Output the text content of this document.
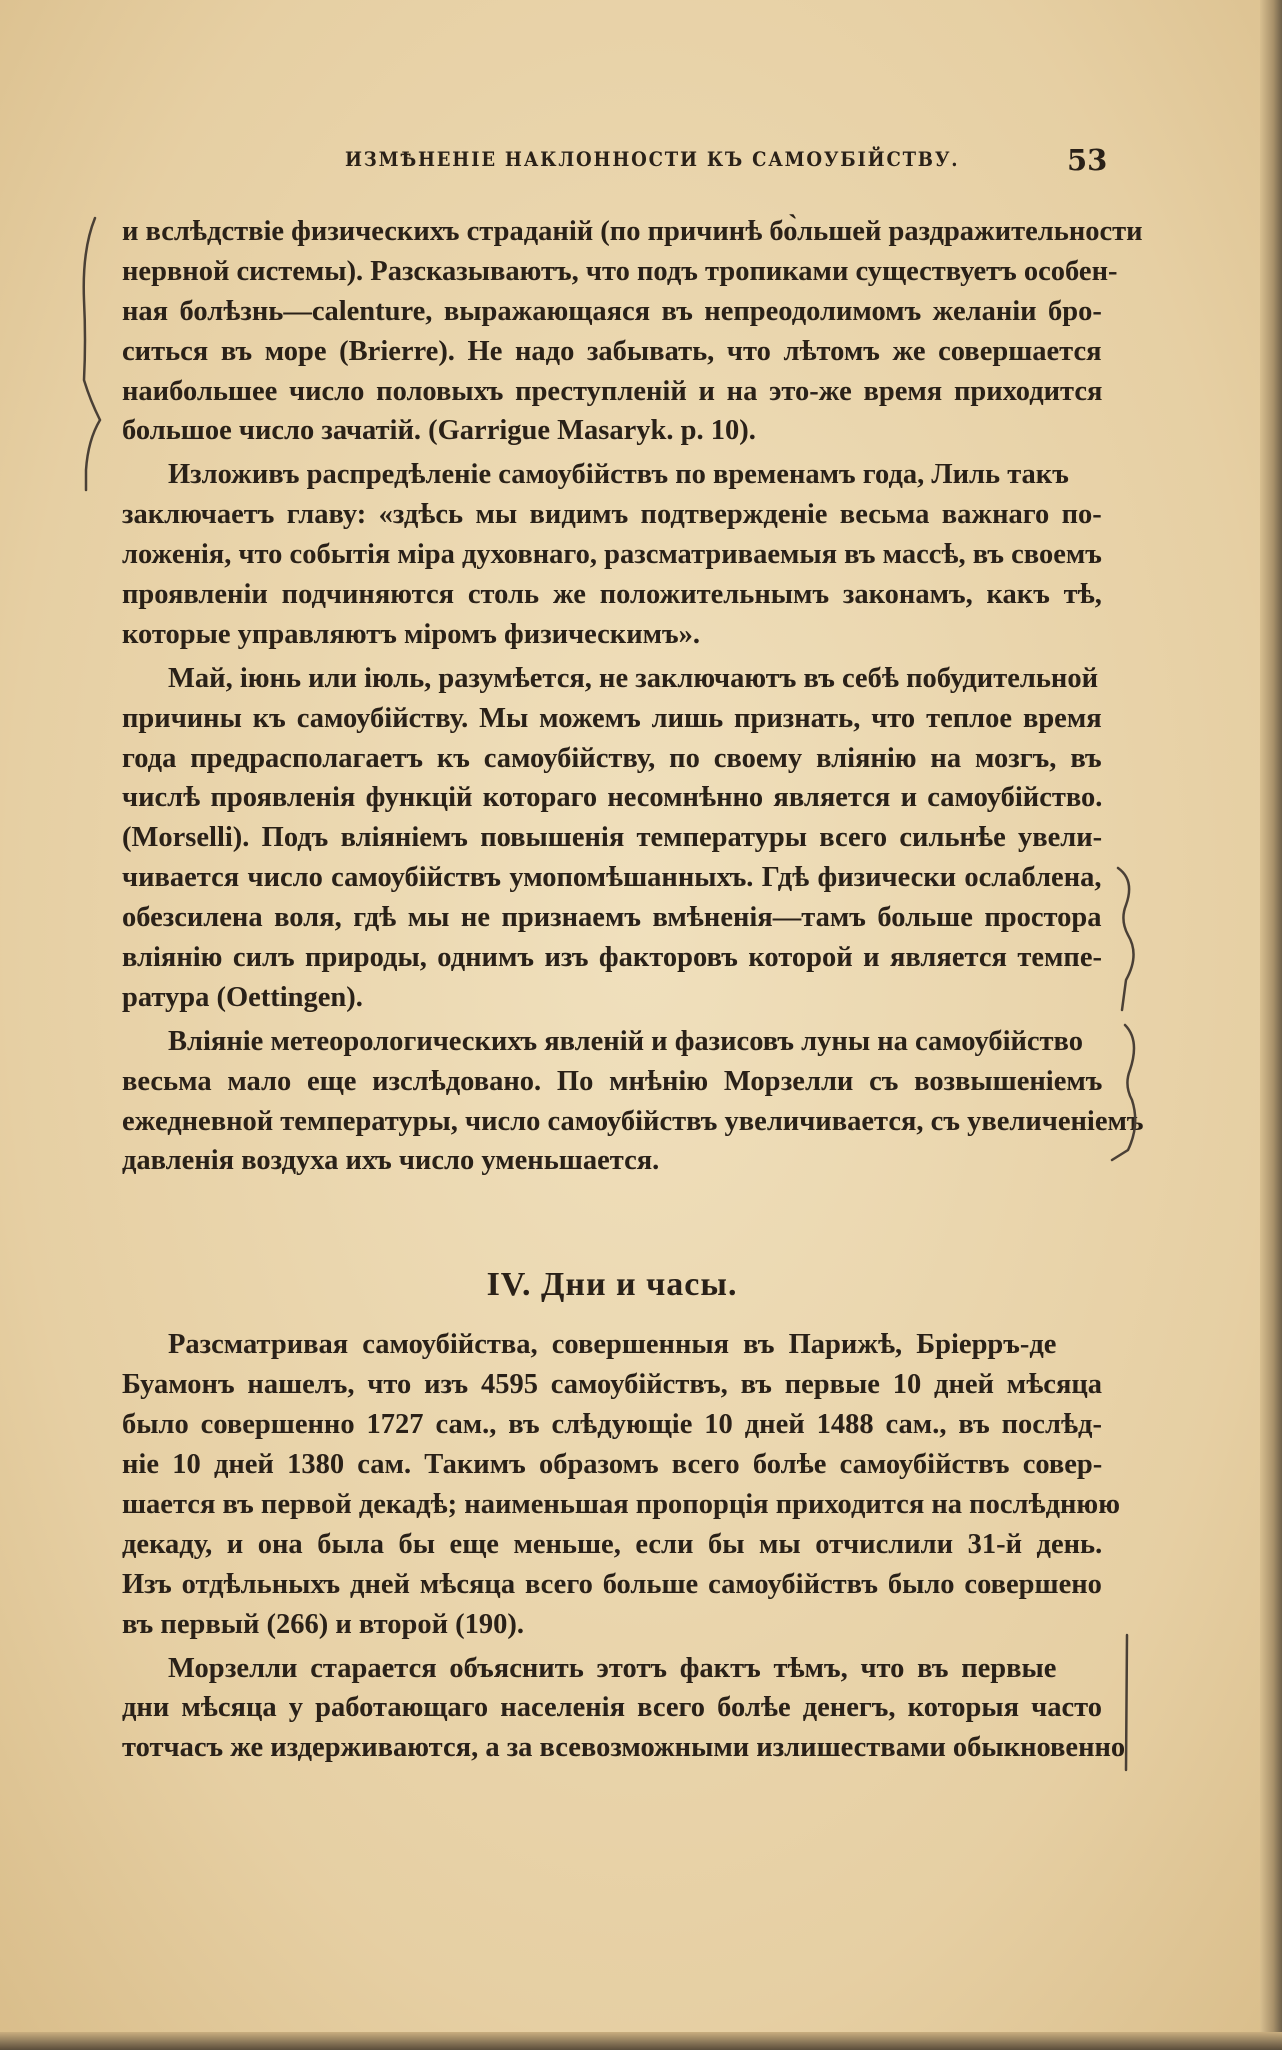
ИЗМѢНЕНІЕ НАКЛОННОСТИ КЪ САМОУБІЙСТВУ.	53
и вслѣдствіе физическихъ страданій (по причинѣ бо̀льшей раздражительности
нервной системы). Разсказываютъ, что подъ тропиками существуетъ особен-
ная болѣзнь—calenture, выражающаяся въ непреодолимомъ желаніи бро-
ситься въ море (Brierre). Не надо забывать, что лѣтомъ же совершается
наибольшее число половыхъ преступленій и на это-же время приходится
большое число зачатій. (Garrigue Masaryk. p. 10).
Изложивъ распредѣленіе самоубійствъ по временамъ года, Лиль такъ
заключаетъ главу: «здѣсь мы видимъ подтвержденіе весьма важнаго по-
ложенія, что событія міра духовнаго, разсматриваемыя въ массѣ, въ своемъ
проявленіи подчиняются столь же положительнымъ законамъ, какъ тѣ,
которые управляютъ міромъ физическимъ».
Май, іюнь или іюль, разумѣется, не заключаютъ въ себѣ побудительной
причины къ самоубійству. Мы можемъ лишь признать, что теплое время
года предрасполагаетъ къ самоубійству, по своему вліянію на мозгъ, въ
числѣ проявленія функцій котораго несомнѣнно является и самоубійство.
(Morselli). Подъ вліяніемъ повышенія температуры всего сильнѣе увели-
чивается число самоубійствъ умопомѣшанныхъ. Гдѣ физически ослаблена,
обезсилена воля, гдѣ мы не признаемъ вмѣненія—тамъ больше простора
вліянію силъ природы, однимъ изъ факторовъ которой и является темпе-
ратура (Oettingen).
Вліяніе метеорологическихъ явленій и фазисовъ луны на самоубійство
весьма мало еще изслѣдовано. По мнѣнію Морзелли съ возвышеніемъ
ежедневной температуры, число самоубійствъ увеличивается, съ увеличеніемъ
давленія воздуха ихъ число уменьшается.
IV. Дни и часы.
Разсматривая самоубійства, совершенныя въ Парижѣ, Бріерръ-де
Буамонъ нашелъ, что изъ 4595 самоубійствъ, въ первые 10 дней мѣсяца
было совершенно 1727 сам., въ слѣдующіе 10 дней 1488 сам., въ послѣд-
ніе 10 дней 1380 сам. Такимъ образомъ всего болѣе самоубійствъ совер-
шается въ первой декадѣ; наименьшая пропорція приходится на послѣднюю
декаду, и она была бы еще меньше, если бы мы отчислили 31-й день.
Изъ отдѣльныхъ дней мѣсяца всего больше самоубійствъ было совершено
въ первый (266) и второй (190).
Морзелли старается объяснить этотъ фактъ тѣмъ, что въ первые
дни мѣсяца у работающаго населенія всего болѣе денегъ, которыя часто
тотчасъ же издерживаются, а за всевозможными излишествами обыкновенно
